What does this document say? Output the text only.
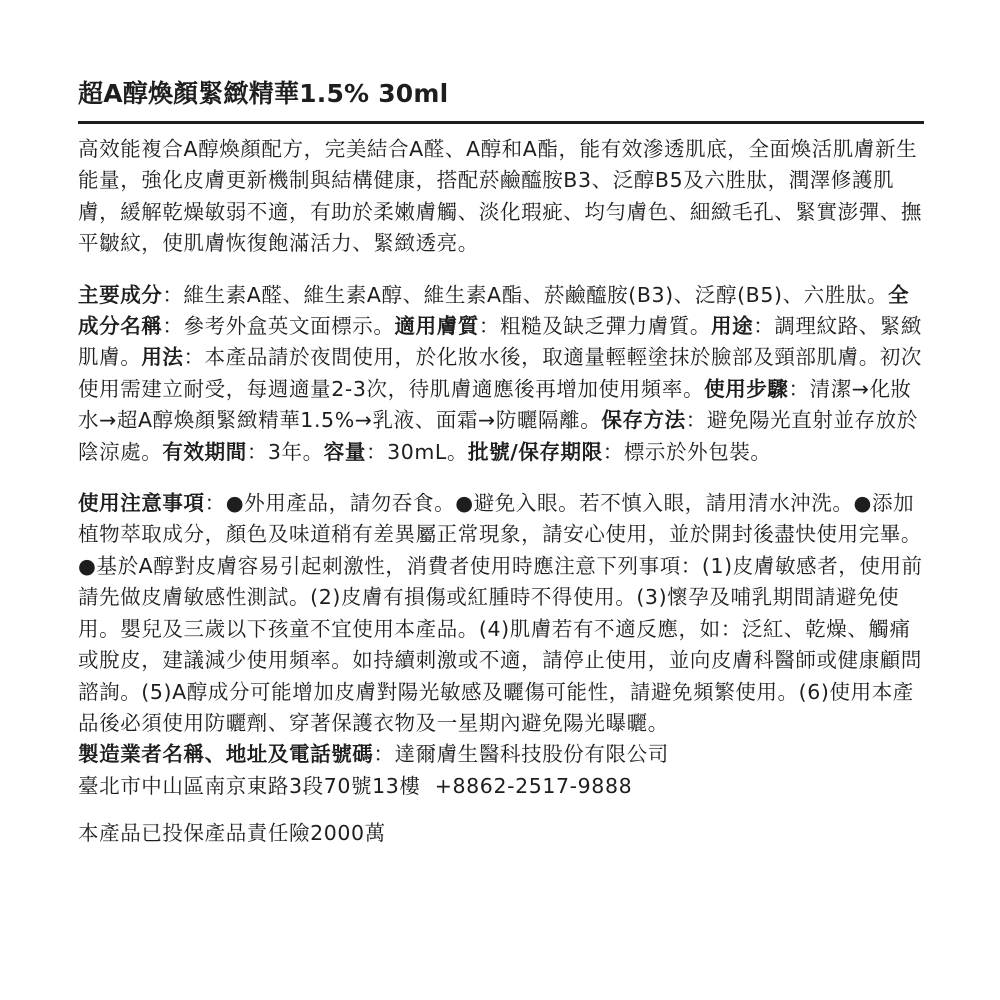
超A醇煥顏緊緻精華1.5% 30ml

高效能複合A醇煥顏配方，完美結合A醛、A醇和A酯，能有效滲透肌底，全面煥活肌膚新生能量，強化皮膚更新機制與結構健康，搭配菸鹼醯胺B3、泛醇B5及六胜肽，潤澤修護肌膚，緩解乾燥敏弱不適，有助於柔嫩膚觸、淡化瑕疵、均勻膚色、細緻毛孔、緊實澎彈、撫平皺紋，使肌膚恢復飽滿活力、緊緻透亮。

主要成分：維生素A醛、維生素A醇、維生素A酯、菸鹼醯胺(B3)、泛醇(B5)、六胜肽。全成分名稱：參考外盒英文面標示。適用膚質：粗糙及缺乏彈力膚質。用途：調理紋路、緊緻肌膚。用法：本產品請於夜間使用，於化妝水後，取適量輕輕塗抹於臉部及頸部肌膚。初次使用需建立耐受，每週適量2-3次，待肌膚適應後再增加使用頻率。使用步驟：清潔→化妝水→超A醇煥顏緊緻精華1.5%→乳液、面霜→防曬隔離。保存方法：避免陽光直射並存放於陰涼處。有效期間：3年。容量：30mL。批號/保存期限：標示於外包裝。

使用注意事項：●外用產品，請勿吞食。●避免入眼。若不慎入眼，請用清水沖洗。●添加植物萃取成分，顏色及味道稍有差異屬正常現象，請安心使用，並於開封後盡快使用完畢。●基於A醇對皮膚容易引起刺激性，消費者使用時應注意下列事項：(1)皮膚敏感者，使用前請先做皮膚敏感性測試。(2)皮膚有損傷或紅腫時不得使用。(3)懷孕及哺乳期間請避免使用。嬰兒及三歲以下孩童不宜使用本產品。(4)肌膚若有不適反應，如：泛紅、乾燥、觸痛或脫皮，建議減少使用頻率。如持續刺激或不適，請停止使用，並向皮膚科醫師或健康顧問諮詢。(5)A醇成分可能增加皮膚對陽光敏感及曬傷可能性，請避免頻繁使用。(6)使用本產品後必須使用防曬劑、穿著保護衣物及一星期內避免陽光曝曬。

製造業者名稱、地址及電話號碼：達爾膚生醫科技股份有限公司

臺北市中山區南京東路3段70號13樓  +8862-2517-9888

本產品已投保產品責任險2000萬
